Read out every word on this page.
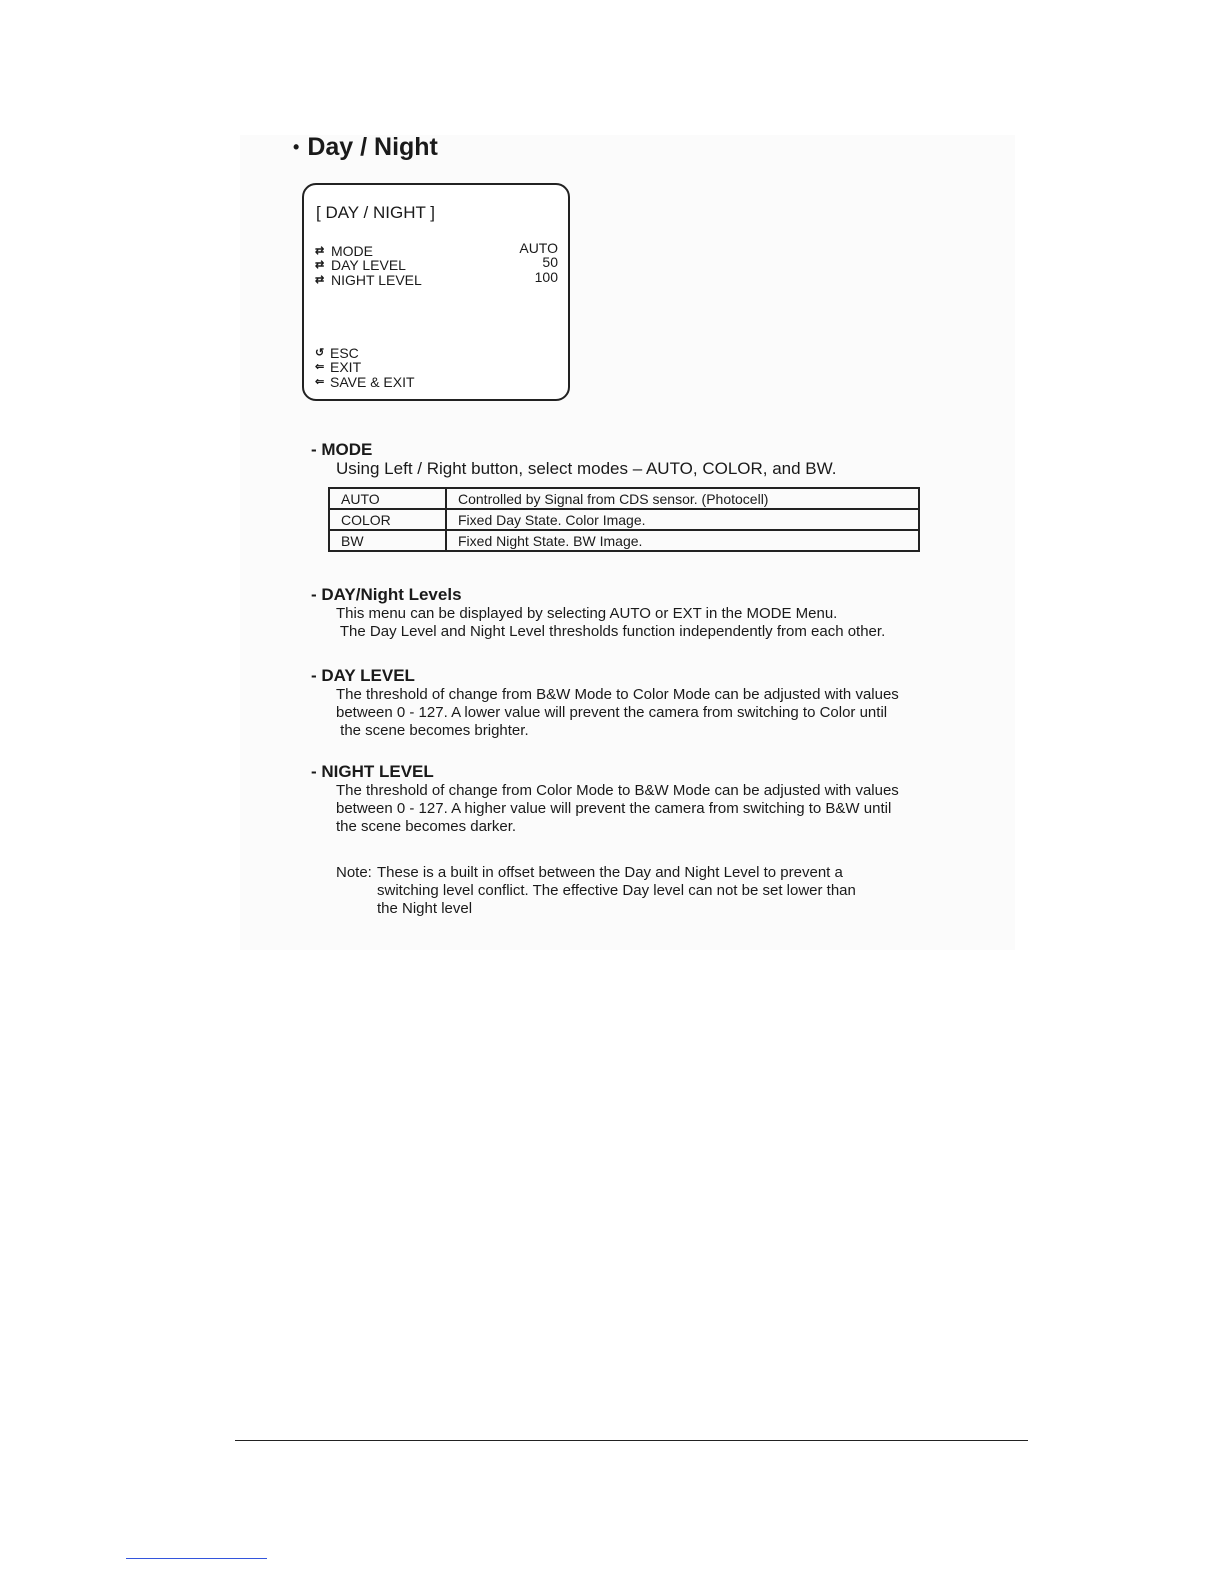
• Day / Night
[ DAY / NIGHT ]
⇄ MODE	AUTO
⇄ DAY LEVEL	50
⇄ NIGHT LEVEL	100
↺ ESC
⇐ EXIT
⇐ SAVE & EXIT
- MODE
Using Left / Right button, select modes – AUTO, COLOR, and BW.
AUTO	Controlled by Signal from CDS sensor. (Photocell)
COLOR	Fixed Day State. Color Image.
BW	Fixed Night State. BW Image.
- DAY/Night Levels
This menu can be displayed by selecting AUTO or EXT in the MODE Menu.
The Day Level and Night Level thresholds function independently from each other.
- DAY LEVEL
The threshold of change from B&W Mode to Color Mode can be adjusted with values
between 0 - 127. A lower value will prevent the camera from switching to Color until
the scene becomes brighter.
- NIGHT LEVEL
The threshold of change from Color Mode to B&W Mode can be adjusted with values
between 0 - 127. A higher value will prevent the camera from switching to B&W until
the scene becomes darker.
Note: These is a built in offset between the Day and Night Level to prevent a
switching level conflict. The effective Day level can not be set lower than
the Night level
